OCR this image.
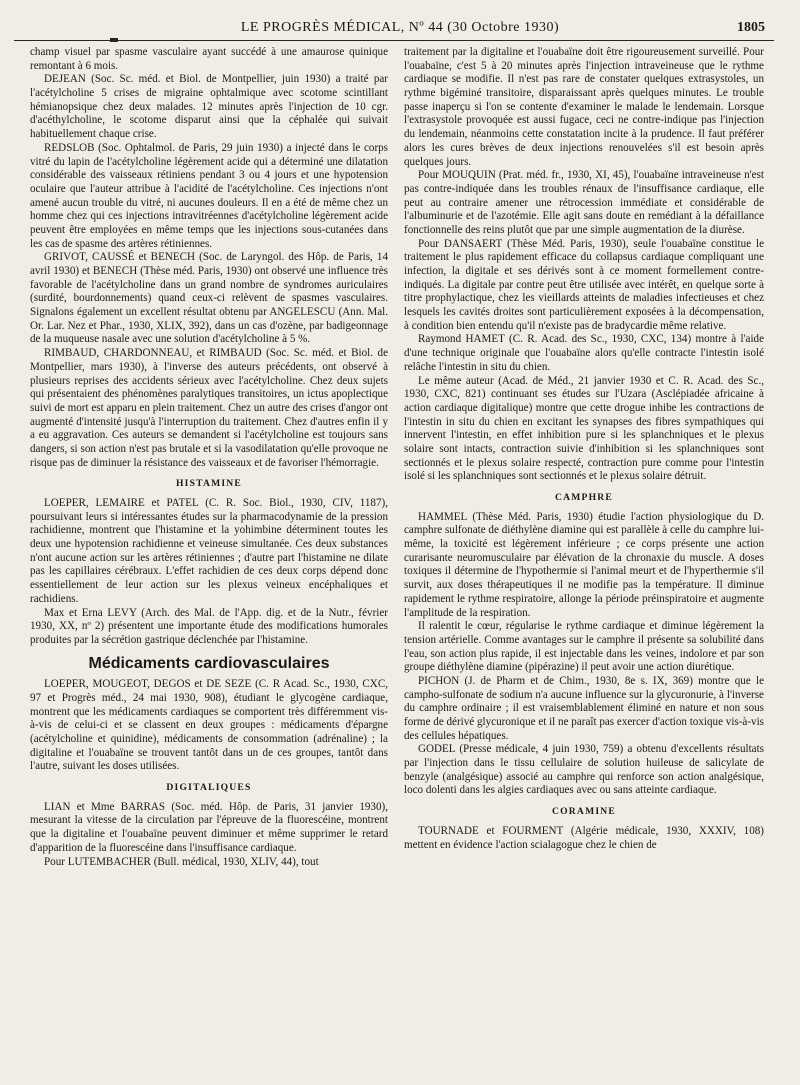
LE PROGRÈS MÉDICAL, Nº 44 (30 Octobre 1930)	1805

champ visuel par spasme vasculaire ayant succédé à une amaurose quinique remontant à 6 mois.

DEJEAN (Soc. Sc. méd. et Biol. de Montpellier, juin 1930) a traité par l'acétylcholine 5 crises de migraine ophtalmique avec scotome scintillant hémianopsique chez deux malades. 12 minutes après l'injection de 10 cgr. d'acéthylcholine, le scotome disparut ainsi que la céphalée qui suivait habituellement chaque crise.

REDSLOB (Soc. Ophtalmol. de Paris, 29 juin 1930) a injecté dans le corps vitré du lapin de l'acétylcholine légèrement acide qui a déterminé une dilatation considérable des vaisseaux rétiniens pendant 3 ou 4 jours et une hypotension oculaire que l'auteur attribue à l'acidité de l'acétylcholine. Ces injections n'ont amené aucun trouble du vitré, ni aucunes douleurs. Il en a été de même chez un homme chez qui ces injections intravitréennes d'acétylcholine légèrement acide peuvent être employées en même temps que les injections sous-cutanées dans les cas de spasme des artères rétiniennes.

GRIVOT, CAUSSÉ et BENECH (Soc. de Laryngol. des Hôp. de Paris, 14 avril 1930) et BENECH (Thèse méd. Paris, 1930) ont observé une influence très favorable de l'acétylcholine dans un grand nombre de syndromes auriculaires (surdité, bourdonnements) quand ceux-ci relèvent de spasmes vasculaires. Signalons également un excellent résultat obtenu par ANGELESCU (Ann. Mal. Or. Lar. Nez et Phar., 1930, XLIX, 392), dans un cas d'ozène, par badigeonnage de la muqueuse nasale avec une solution d'acétylcholine à 5 %.

RIMBAUD, CHARDONNEAU, et RIMBAUD (Soc. Sc. méd. et Biol. de Montpellier, mars 1930), à l'inverse des auteurs précédents, ont observé à plusieurs reprises des accidents sérieux avec l'acétylcholine. Chez deux sujets qui présentaient des phénomènes paralytiques transitoires, un ictus apoplectique suivi de mort est apparu en plein traitement. Chez un autre des crises d'angor ont augmenté d'intensité jusqu'à l'interruption du traitement. Chez d'autres enfin il y a eu aggravation. Ces auteurs se demandent si l'acétylcholine est toujours sans dangers, si son action n'est pas brutale et si la vasodilatation qu'elle provoque ne risque pas de diminuer la résistance des vaisseaux et de favoriser l'hémorragie.

HISTAMINE

LOEPER, LEMAIRE et PATEL (C. R. Soc. Biol., 1930, CIV, 1187), poursuivant leurs si intéressantes études sur la pharmacodynamie de la pression rachidienne, montrent que l'histamine et la yohimbine déterminent toutes les deux une hypotension rachidienne et veineuse simultanée. Ces deux substances n'ont aucune action sur les artères rétiniennes ; d'autre part l'histamine ne dilate pas les capillaires cérébraux. L'effet rachidien de ces deux corps dépend donc essentiellement de leur action sur les plexus veineux encéphaliques et rachidiens.

Max et Erna LEVY (Arch. des Mal. de l'App. dig. et de la Nutr., février 1930, XX, nº 2) présentent une importante étude des modifications humorales produites par la sécrétion gastrique déclenchée par l'histamine.

Médicaments cardiovasculaires

LOEPER, MOUGEOT, DEGOS et DE SEZE (C. R Acad. Sc., 1930, CXC, 97 et Progrès méd., 24 mai 1930, 908), étudiant le glycogène cardiaque, montrent que les médicaments cardiaques se comportent très différemment vis-à-vis de celui-ci et se classent en deux groupes : médicaments d'épargne (acétylcholine et quinidine), médicaments de consommation (adrénaline) ; la digitaline et l'ouabaïne se trouvent tantôt dans un de ces groupes, tantôt dans l'autre, suivant les doses utilisées.

DIGITALIQUES

LIAN et Mme BARRAS (Soc. méd. Hôp. de Paris, 31 janvier 1930), mesurant la vitesse de la circulation par l'épreuve de la fluorescéine, montrent que la digitaline et l'ouabaïne peuvent diminuer et même supprimer le retard d'apparition de la fluorescéine dans l'insuffisance cardiaque.

Pour LUTEMBACHER (Bull. médical, 1930, XLIV, 44), tout

traitement par la digitaline et l'ouabaïne doit être rigoureusement surveillé. Pour l'ouabaïne, c'est 5 à 20 minutes après l'injection intraveineuse que le rythme cardiaque se modifie. Il n'est pas rare de constater quelques extrasystoles, un rythme bigéminé transitoire, disparaissant après quelques minutes. Le trouble passe inaperçu si l'on se contente d'examiner le malade le lendemain. Lorsque l'extrasystole provoquée est aussi fugace, ceci ne contre-indique pas l'injection du lendemain, néanmoins cette constatation incite à la prudence. Il faut préférer alors les cures brèves de deux injections renouvelées s'il est besoin après quelques jours.

Pour MOUQUIN (Prat. méd. fr., 1930, XI, 45), l'ouabaïne intraveineuse n'est pas contre-indiquée dans les troubles rénaux de l'insuffisance cardiaque, elle peut au contraire amener une rétrocession immédiate et considérable de l'albuminurie et de l'azotémie. Elle agit sans doute en remédiant à la défaillance fonctionnelle des reins plutôt que par une simple augmentation de la diurèse.

Pour DANSAERT (Thèse Méd. Paris, 1930), seule l'ouabaïne constitue le traitement le plus rapidement efficace du collapsus cardiaque compliquant une infection, la digitale et ses dérivés sont à ce moment formellement contre-indiqués. La digitale par contre peut être utilisée avec intérêt, en quelque sorte à titre prophylactique, chez les vieillards atteints de maladies infectieuses et chez lesquels les cavités droites sont particulièrement exposées à la décompensation, à condition bien entendu qu'il n'existe pas de bradycardie même relative.

Raymond HAMET (C. R. Acad. des Sc., 1930, CXC, 134) montre à l'aide d'une technique originale que l'ouabaïne alors qu'elle contracte l'intestin isolé relâche l'intestin in situ du chien.

Le même auteur (Acad. de Méd., 21 janvier 1930 et C. R. Acad. des Sc., 1930, CXC, 821) continuant ses études sur l'Uzara (Asclépiadée africaine à action cardiaque digitalique) montre que cette drogue inhibe les contractions de l'intestin in situ du chien en excitant les synapses des fibres sympathiques qui innervent l'intestin, en effet inhibition pure si les splanchniques et le plexus solaire sont intacts, contraction suivie d'inhibition si les splanchniques sont sectionnés et le plexus solaire respecté, contraction pure comme pour l'intestin isolé si les splanchniques sont sectionnés et le plexus solaire détruit.

CAMPHRE

HAMMEL (Thèse Méd. Paris, 1930) étudie l'action physiologique du D. camphre sulfonate de diéthylène diamine qui est parallèle à celle du camphre lui-même, la toxicité est légèrement inférieure ; ce corps présente une action curarisante neuromusculaire par élévation de la chronaxie du muscle. A doses toxiques il détermine de l'hypothermie si l'animal meurt et de l'hyperthermie s'il survit, aux doses thérapeutiques il ne modifie pas la température. Il diminue rapidement le rythme respiratoire, allonge la période préinspiratoire et augmente l'amplitude de la respiration.

Il ralentit le cœur, régularise le rythme cardiaque et diminue légèrement la tension artérielle. Comme avantages sur le camphre il présente sa solubilité dans l'eau, son action plus rapide, il est injectable dans les veines, indolore et par son groupe diéthylène diamine (pipérazine) il peut avoir une action diurétique.

PICHON (J. de Pharm et de Chim., 1930, 8e s. IX, 369) montre que le campho-sulfonate de sodium n'a aucune influence sur la glycuronurie, à l'inverse du camphre ordinaire ; il est vraisemblablement éliminé en nature et non sous forme de dérivé glycuronique et il ne paraît pas exercer d'action toxique vis-à-vis des cellules hépatiques.

GODEL (Presse médicale, 4 juin 1930, 759) a obtenu d'excellents résultats par l'injection dans le tissu cellulaire de solution huileuse de salicylate de benzyle (analgésique) associé au camphre qui renforce son action analgésique, loco dolenti dans les algies cardiaques avec ou sans atteinte cardiaque.

CORAMINE

TOURNADE et FOURMENT (Algérie médicale, 1930, XXXIV, 108) mettent en évidence l'action scialagogue chez le chien de
